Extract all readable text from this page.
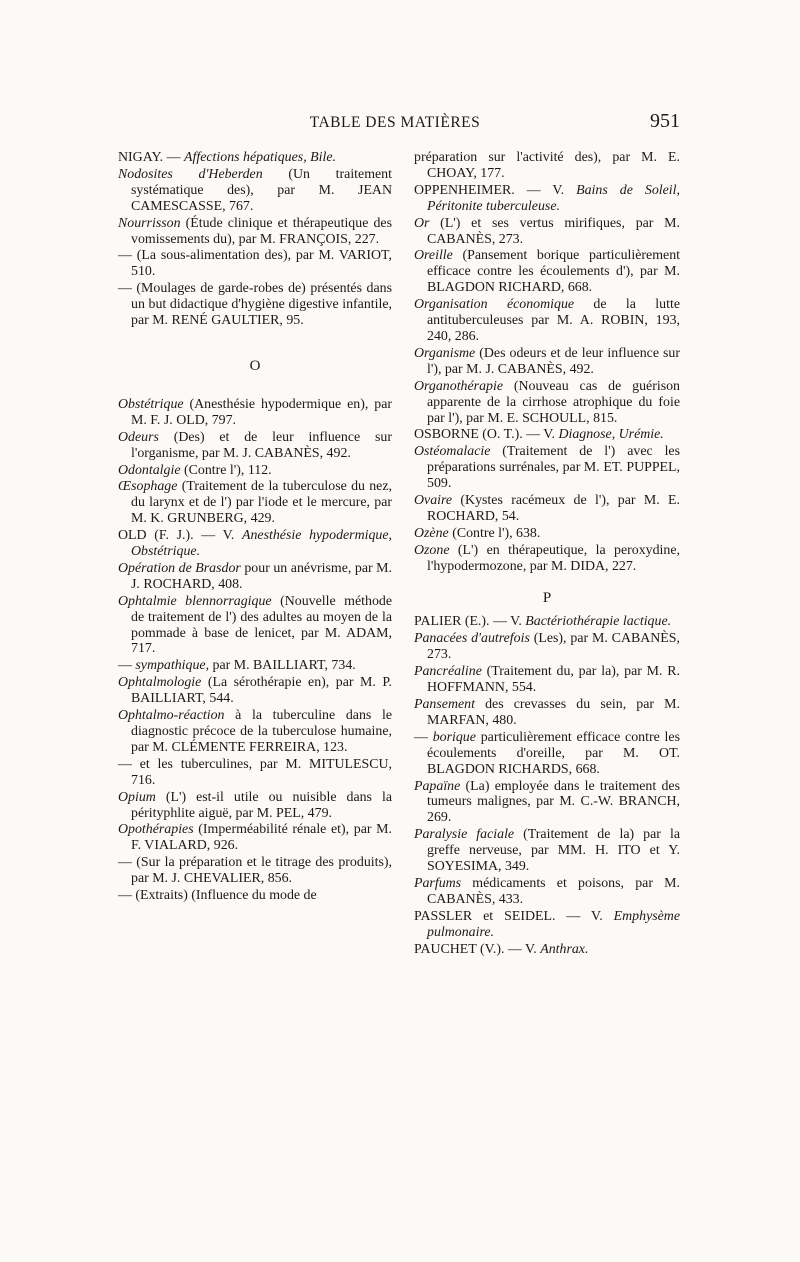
TABLE DES MATIÈRES	951

NIGAY. — Affections hépatiques, Bile.

Nodosites d'Heberden (Un traitement systématique des), par M. JEAN CAMESCASSE, 767.

Nourrisson (Étude clinique et thérapeutique des vomissements du), par M. FRANÇOIS, 227.

— (La sous-alimentation des), par M. VARIOT, 510.

— (Moulages de garde-robes de) présentés dans un but didactique d'hygiène digestive infantile, par M. RENÉ GAULTIER, 95.

O

Obstétrique (Anesthésie hypodermique en), par M. F. J. OLD, 797.

Odeurs (Des) et de leur influence sur l'organisme, par M. J. CABANÈS, 492.

Odontalgie (Contre l'), 112.

Œsophage (Traitement de la tuberculose du nez, du larynx et de l') par l'iode et le mercure, par M. K. GRUNBERG, 429.

OLD (F. J.). — V. Anesthésie hypodermique, Obstétrique.

Opération de Brasdor pour un anévrisme, par M. J. ROCHARD, 408.

Ophtalmie blennorragique (Nouvelle méthode de traitement de l') des adultes au moyen de la pommade à base de lenicet, par M. ADAM, 717.

— sympathique, par M. BAILLIART, 734.

Ophtalmologie (La sérothérapie en), par M. P. BAILLIART, 544.

Ophtalmo-réaction à la tuberculine dans le diagnostic précoce de la tuberculose humaine, par M. CLÉMENTE FERREIRA, 123.

— et les tuberculines, par M. MITULESCU, 716.

Opium (L') est-il utile ou nuisible dans la pérityphlite aiguë, par M. PEL, 479.

Opothérapies (Imperméabilité rénale et), par M. F. VIALARD, 926.

— (Sur la préparation et le titrage des produits), par M. J. CHEVALIER, 856.

— (Extraits) (Influence du mode de

préparation sur l'activité des), par M. E. CHOAY, 177.

OPPENHEIMER. — V. Bains de Soleil, Péritonite tuberculeuse.

Or (L') et ses vertus mirifiques, par M. CABANÈS, 273.

Oreille (Pansement borique particulièrement efficace contre les écoulements d'), par M. BLAGDON RICHARD, 668.

Organisation économique de la lutte antituberculeuses par M. A. ROBIN, 193, 240, 286.

Organisme (Des odeurs et de leur influence sur l'), par M. J. CABANÈS, 492.

Organothérapie (Nouveau cas de guérison apparente de la cirrhose atrophique du foie par l'), par M. E. SCHOULL, 815.

OSBORNE (O. T.). — V. Diagnose, Urémie.

Ostéomalacie (Traitement de l') avec les préparations surrénales, par M. ET. PUPPEL, 509.

Ovaire (Kystes racémeux de l'), par M. E. ROCHARD, 54.

Ozène (Contre l'), 638.

Ozone (L') en thérapeutique, la peroxydine, l'hypodermozone, par M. DIDA, 227.

P

PALIER (E.). — V. Bactériothérapie lactique.

Panacées d'autrefois (Les), par M. CABANÈS, 273.

Pancréaline (Traitement du, par la), par M. R. HOFFMANN, 554.

Pansement des crevasses du sein, par M. MARFAN, 480.

— borique particulièrement efficace contre les écoulements d'oreille, par M. OT. BLAGDON RICHARDS, 668.

Papaïne (La) employée dans le traitement des tumeurs malignes, par M. C.-W. BRANCH, 269.

Paralysie faciale (Traitement de la) par la greffe nerveuse, par MM. H. ITO et Y. SOYESIMA, 349.

Parfums médicaments et poisons, par M. CABANÈS, 433.

PASSLER et SEIDEL. — V. Emphysème pulmonaire.

PAUCHET (V.). — V. Anthrax.
